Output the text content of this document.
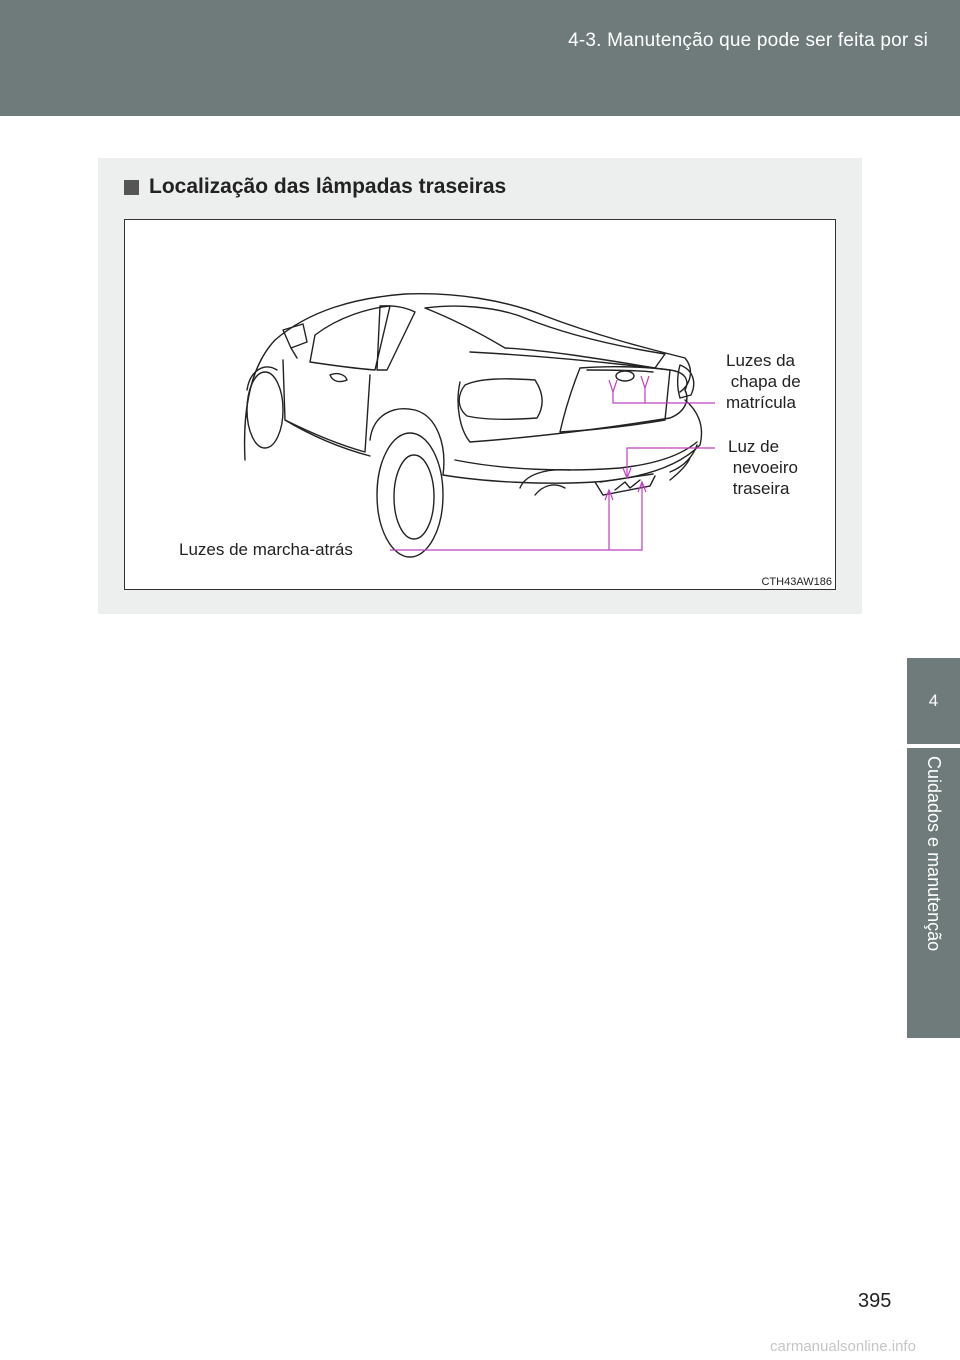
4-3. Manutenção que pode ser feita por si
4
Cuidados e manutenção
Localização das lâmpadas traseiras
Luzes da
chapa de
matrícula
Luz de
nevoeiro
traseira
Luzes de marcha-atrás
CTH43AW186
395
carmanualsonline.info
